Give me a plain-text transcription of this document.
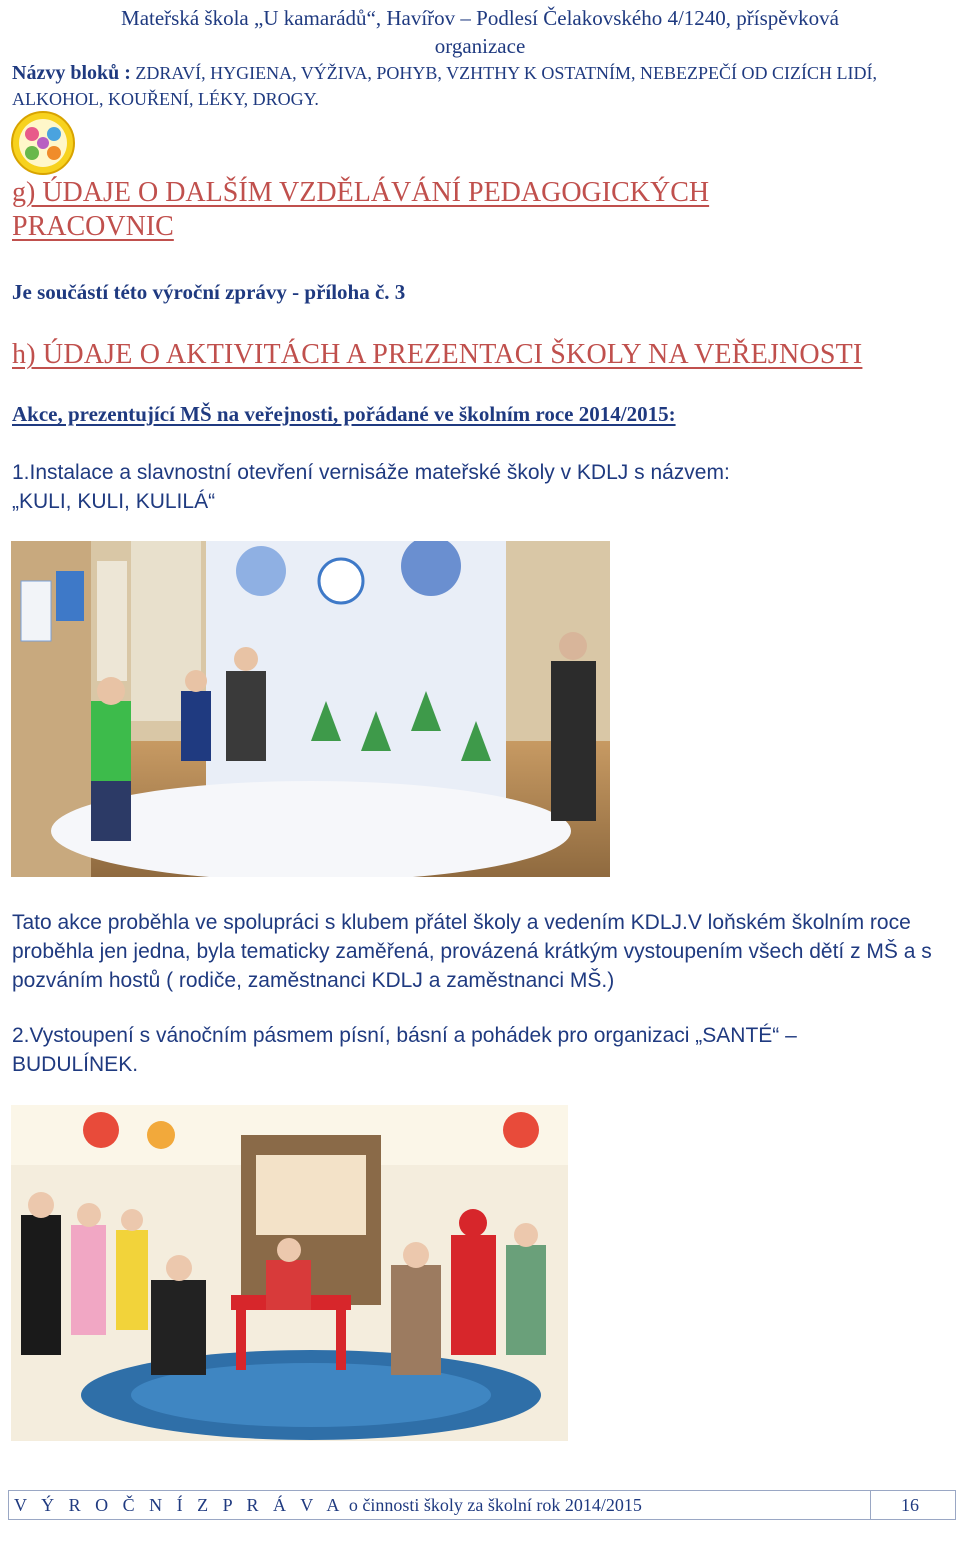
Mateřská škola „U kamarádů“, Havířov – Podlesí Čelakovského 4/1240, příspěvková
organizace
Názvy bloků : ZDRAVÍ, HYGIENA, VÝŽIVA, POHYB, VZHTHY K OSTATNÍM, NEBEZPEČÍ OD CIZÍCH LIDÍ, ALKOHOL, KOUŘENÍ, LÉKY, DROGY.
g) ÚDAJE O DALŠÍM VZDĚLÁVÁNÍ PEDAGOGICKÝCH
PRACOVNIC
Je součástí této výroční zprávy - příloha č. 3
h) ÚDAJE O AKTIVITÁCH A PREZENTACI ŠKOLY NA VEŘEJNOSTI
Akce, prezentující MŠ na veřejnosti, pořádané ve školním roce 2014/2015:
1.Instalace a slavnostní otevření vernisáže mateřské školy v KDLJ s názvem:
„KULI, KULI, KULILÁ“
Tato akce proběhla ve spolupráci s klubem přátel školy a vedením KDLJ.V loňském školním roce proběhla jen jedna, byla tematicky zaměřená, provázená krátkým vystoupením všech dětí z MŠ a s pozváním hostů ( rodiče, zaměstnanci KDLJ a zaměstnanci MŠ.)
2.Vystoupení s vánočním pásmem písní, básní a pohádek pro organizaci „SANTÉ“ –
BUDULÍNEK.
V Ý R O Č N Í Z P R Á V A o činnosti školy za školní rok 2014/2015	16
